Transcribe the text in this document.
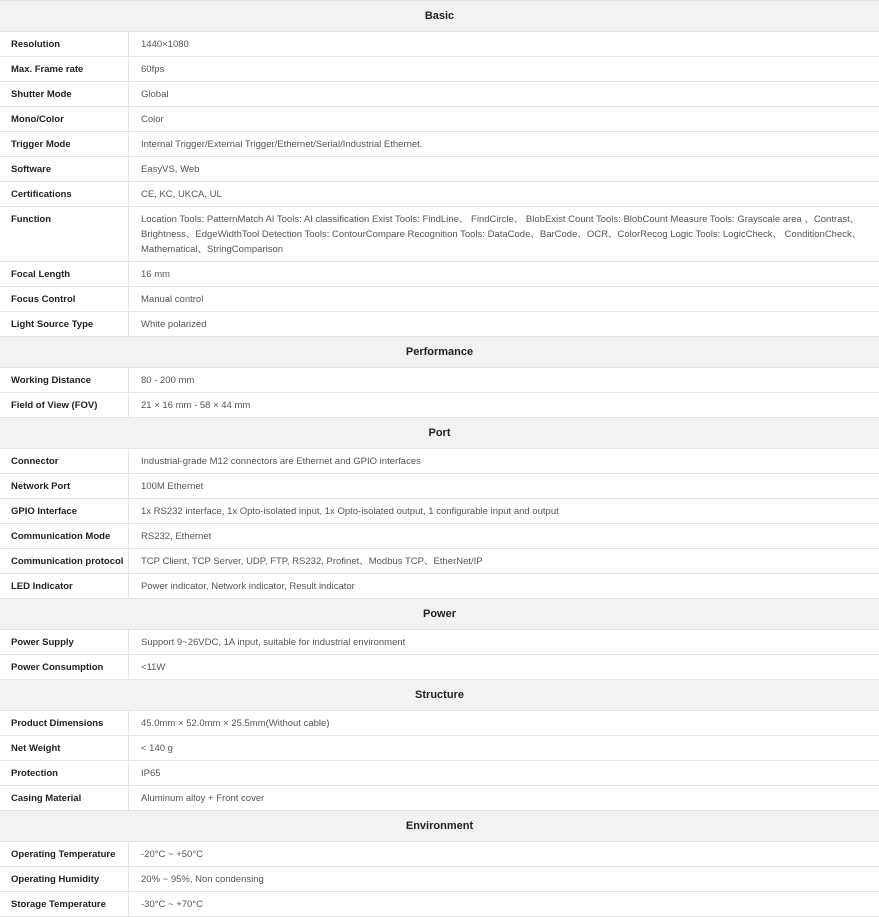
Basic
Resolution	1440×1080
Max. Frame rate	60fps
Shutter Mode	Global
Mono/Color	Color
Trigger Mode	Internal Trigger/External Trigger/Ethernet/Serial/Industrial Ethernet.
Software	EasyVS, Web
Certifications	CE, KC, UKCA, UL
Function	Location Tools: PatternMatch AI Tools: AI classification Exist Tools: FindLine、 FindCircle、 BlobExist Count Tools: BlobCount Measure Tools: Grayscale area 、Contrast、Brightness、EdgeWidthTool Detection Tools: ContourCompare Recognition Tools: DataCode、BarCode、OCR、ColorRecog Logic Tools: LogicCheck、 ConditionCheck、Mathematical、StringComparison
Focal Length	16 mm
Focus Control	Manual control
Light Source Type	White polarized
Performance
Working Distance	80 - 200 mm
Field of View (FOV)	21 × 16 mm - 58 × 44 mm
Port
Connector	Industrial-grade M12 connectors are Ethernet and GPIO interfaces
Network Port	100M Ethernet
GPIO Interface	1x RS232 interface, 1x Opto-isolated input, 1x Opto-isolated output, 1 configurable input and output
Communication Mode	RS232, Ethernet
Communication protocol	TCP Client, TCP Server, UDP, FTP, RS232, Profinet、Modbus TCP、EtherNet/IP
LED Indicator	Power indicator, Network indicator, Result indicator
Power
Power Supply	Support 9~26VDC, 1A input, suitable for industrial environment
Power Consumption	<11W
Structure
Product Dimensions	45.0mm × 52.0mm × 25.5mm(Without cable)
Net Weight	< 140 g
Protection	IP65
Casing Material	Aluminum alloy + Front cover
Environment
Operating Temperature	-20°C ~ +50°C
Operating Humidity	20% ~ 95%, Non condensing
Storage Temperature	-30°C ~ +70°C
